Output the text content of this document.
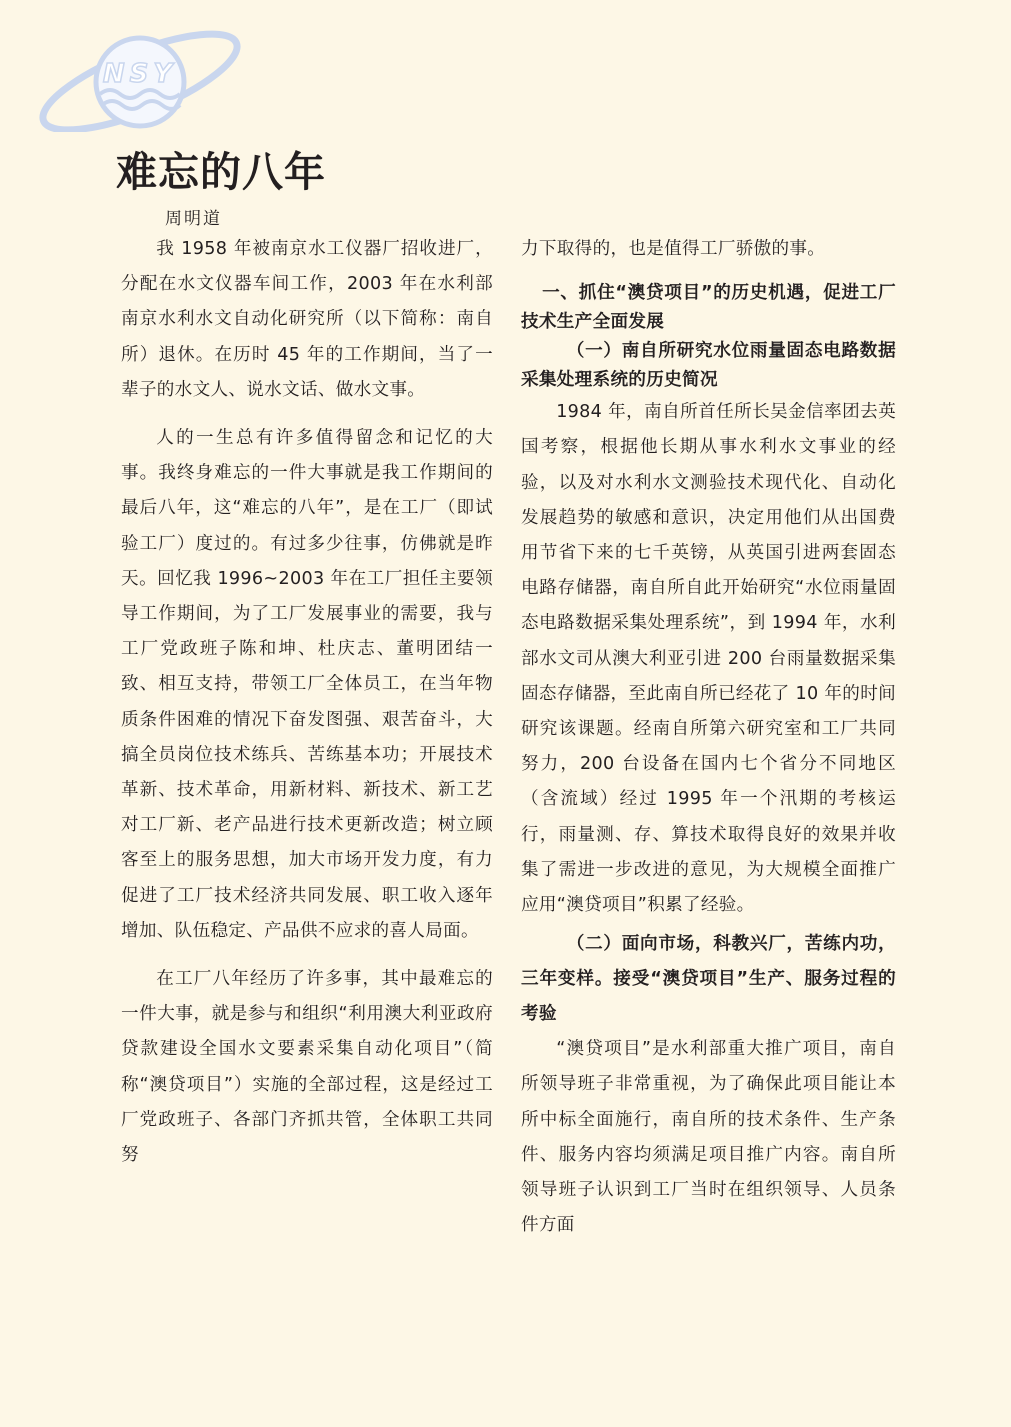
NSY
难忘的八年
周明道

我 1958 年被南京水工仪器厂招收进厂，分配在水文仪器车间工作，2003 年在水利部南京水利水文自动化研究所（以下简称：南自所）退休。在历时 45 年的工作期间，当了一辈子的水文人、说水文话、做水文事。

人的一生总有许多值得留念和记忆的大事。我终身难忘的一件大事就是我工作期间的最后八年，这“难忘的八年”，是在工厂（即试验工厂）度过的。有过多少往事，仿佛就是昨天。回忆我 1996~2003 年在工厂担任主要领导工作期间，为了工厂发展事业的需要，我与工厂党政班子陈和坤、杜庆志、董明团结一致、相互支持，带领工厂全体员工，在当年物质条件困难的情况下奋发图强、艰苦奋斗，大搞全员岗位技术练兵、苦练基本功；开展技术革新、技术革命，用新材料、新技术、新工艺对工厂新、老产品进行技术更新改造；树立顾客至上的服务思想，加大市场开发力度，有力促进了工厂技术经济共同发展、职工收入逐年增加、队伍稳定、产品供不应求的喜人局面。

在工厂八年经历了许多事，其中最难忘的一件大事，就是参与和组织“利用澳大利亚政府贷款建设全国水文要素采集自动化项目”（简称“澳贷项目”）实施的全部过程，这是经过工厂党政班子、各部门齐抓共管，全体职工共同努

力下取得的，也是值得工厂骄傲的事。

一、抓住“澳贷项目”的历史机遇，促进工厂技术生产全面发展

（一）南自所研究水位雨量固态电路数据采集处理系统的历史简况

1984 年，南自所首任所长吴金信率团去英国考察，根据他长期从事水利水文事业的经验，以及对水利水文测验技术现代化、自动化发展趋势的敏感和意识，决定用他们从出国费用节省下来的七千英镑，从英国引进两套固态电路存储器，南自所自此开始研究“水位雨量固态电路数据采集处理系统”，到 1994 年，水利部水文司从澳大利亚引进 200 台雨量数据采集固态存储器，至此南自所已经花了 10 年的时间研究该课题。经南自所第六研究室和工厂共同努力，200 台设备在国内七个省分不同地区（含流域）经过 1995 年一个汛期的考核运行，雨量测、存、算技术取得良好的效果并收集了需进一步改进的意见，为大规模全面推广应用“澳贷项目”积累了经验。

（二）面向市场，科教兴厂，苦练内功，三年变样。接受“澳贷项目”生产、服务过程的考验

“澳贷项目”是水利部重大推广项目，南自所领导班子非常重视，为了确保此项目能让本所中标全面施行，南自所的技术条件、生产条件、服务内容均须满足项目推广内容。南自所领导班子认识到工厂当时在组织领导、人员条件方面
